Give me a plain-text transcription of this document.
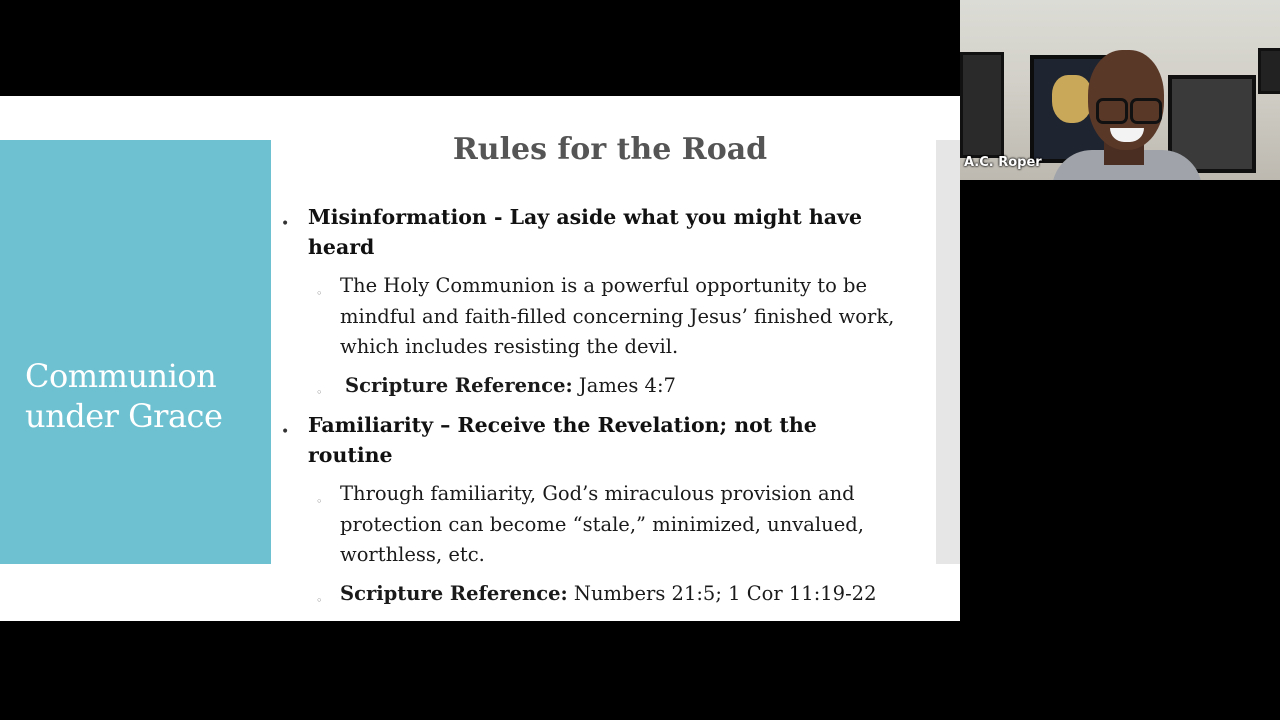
Communion under Grace
Rules for the Road
• Misinformation - Lay aside what you might have heard
◦ The Holy Communion is a powerful opportunity to be mindful and faith-filled concerning Jesus’ finished work, which includes resisting the devil.
◦ Scripture Reference: James 4:7
• Familiarity – Receive the Revelation; not the routine
◦ Through familiarity, God’s miraculous provision and protection can become “stale,” minimized, unvalued, worthless, etc.
◦ Scripture Reference: Numbers 21:5; 1 Cor 11:19-22
A.C. Roper
